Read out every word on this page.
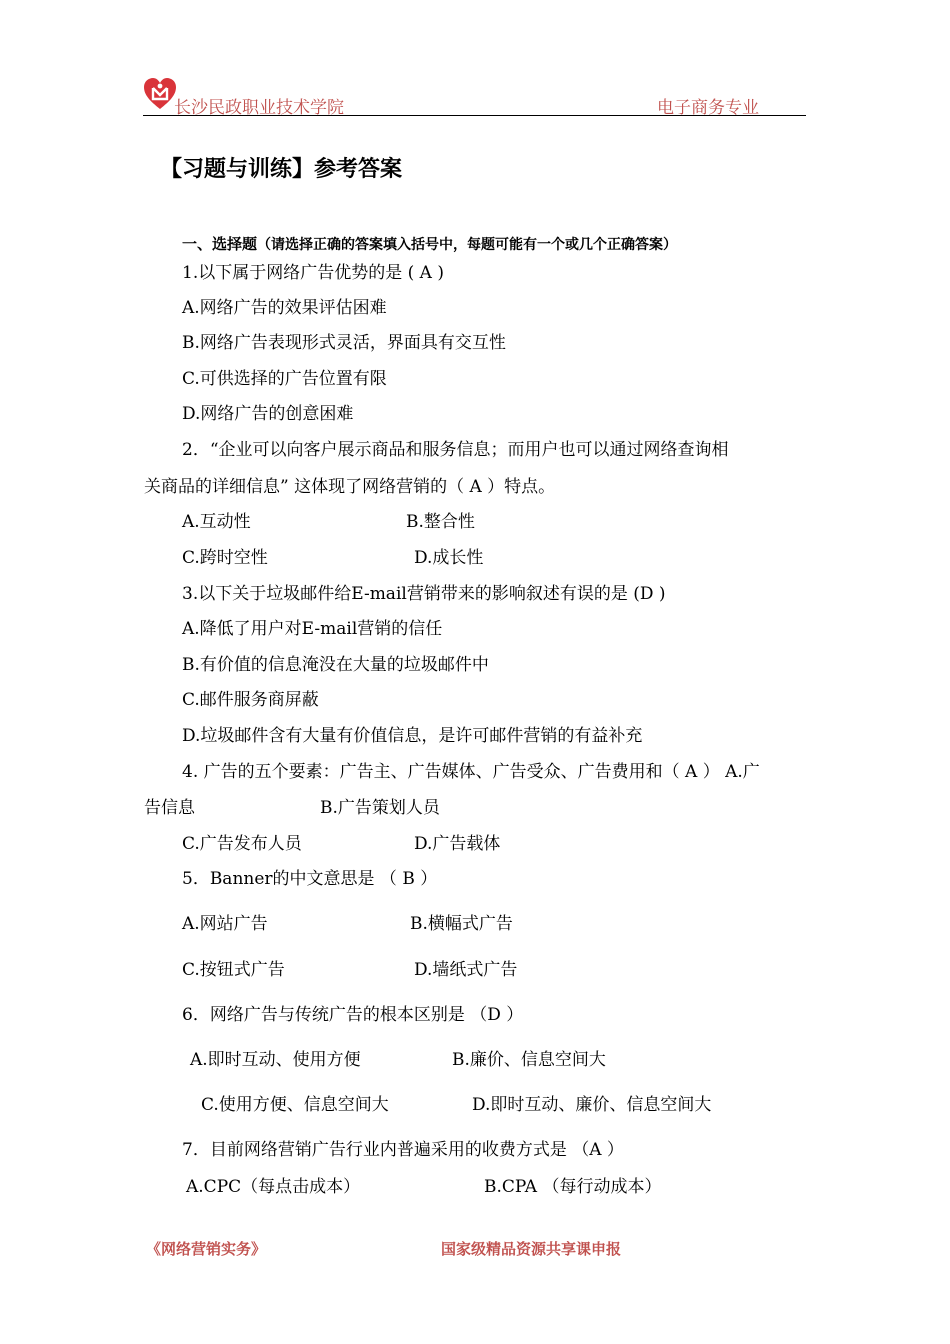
长沙民政职业技术学院	电子商务专业
【习题与训练】参考答案
一、选择题（请选择正确的答案填入括号中，每题可能有一个或几个正确答案）
1.以下属于网络广告优势的是 ( A )
A.网络广告的效果评估困难
B.网络广告表现形式灵活，界面具有交互性
C.可供选择的广告位置有限
D.网络广告的创意困难
2．“企业可以向客户展示商品和服务信息；而用户也可以通过网络查询相
关商品的详细信息” 这体现了网络营销的（ A ）特点。
A.互动性	B.整合性
C.跨时空性	D.成长性
3.以下关于垃圾邮件给E-mail营销带来的影响叙述有误的是 (D )
A.降低了用户对E-mail营销的信任
B.有价值的信息淹没在大量的垃圾邮件中
C.邮件服务商屏蔽
D.垃圾邮件含有大量有价值信息，是许可邮件营销的有益补充
4. 广告的五个要素：广告主、广告媒体、广告受众、广告费用和（ A ） A.广
告信息	B.广告策划人员
C.广告发布人员	D.广告载体
5．Banner的中文意思是 （ B ）
A.网站广告	B.横幅式广告
C.按钮式广告	D.墙纸式广告
6．网络广告与传统广告的根本区别是 （D ）
A.即时互动、使用方便	B.廉价、信息空间大
C.使用方便、信息空间大	D.即时互动、廉价、信息空间大
7．目前网络营销广告行业内普遍采用的收费方式是 （A ）
A.CPC（每点击成本）	B.CPA （每行动成本）
《网络营销实务》	国家级精品资源共享课申报
